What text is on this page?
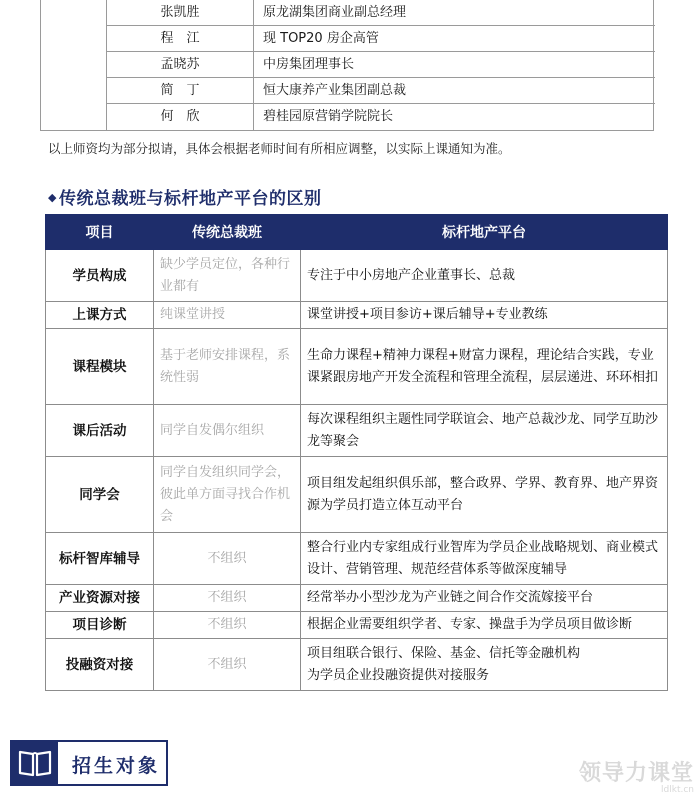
张凯胜	原龙湖集团商业副总经理
程　江	现 TOP20 房企高管
孟晓苏	中房集团理事长
简　丁	恒大康养产业集团副总裁
何　欣	碧桂园原营销学院院长
以上师资均为部分拟请，具体会根据老师时间有所相应调整，以实际上课通知为准。
◆ 传统总裁班与标杆地产平台的区别
项目	传统总裁班	标杆地产平台
学员构成	缺少学员定位，各种行业都有	专注于中小房地产企业董事长、总裁
上课方式	纯课堂讲授	课堂讲授+项目参访+课后辅导+专业教练
课程模块	基于老师安排课程，系统性弱	生命力课程+精神力课程+财富力课程，理论结合实践，专业课紧跟房地产开发全流程和管理全流程，层层递进、环环相扣
课后活动	同学自发偶尔组织	每次课程组织主题性同学联谊会、地产总裁沙龙、同学互助沙龙等聚会
同学会	同学自发组织同学会，彼此单方面寻找合作机会	项目组发起组织俱乐部，整合政界、学界、教育界、地产界资源为学员打造立体互动平台
标杆智库辅导	不组织	整合行业内专家组成行业智库为学员企业战略规划、商业模式设计、营销管理、规范经营体系等做深度辅导
产业资源对接	不组织	经常举办小型沙龙为产业链之间合作交流嫁接平台
项目诊断	不组织	根据企业需要组织学者、专家、操盘手为学员项目做诊断
投融资对接	不组织	项目组联合银行、保险、基金、信托等金融机构
为学员企业投融资提供对接服务
招生对象	领导力课堂
ldlkt.cn
